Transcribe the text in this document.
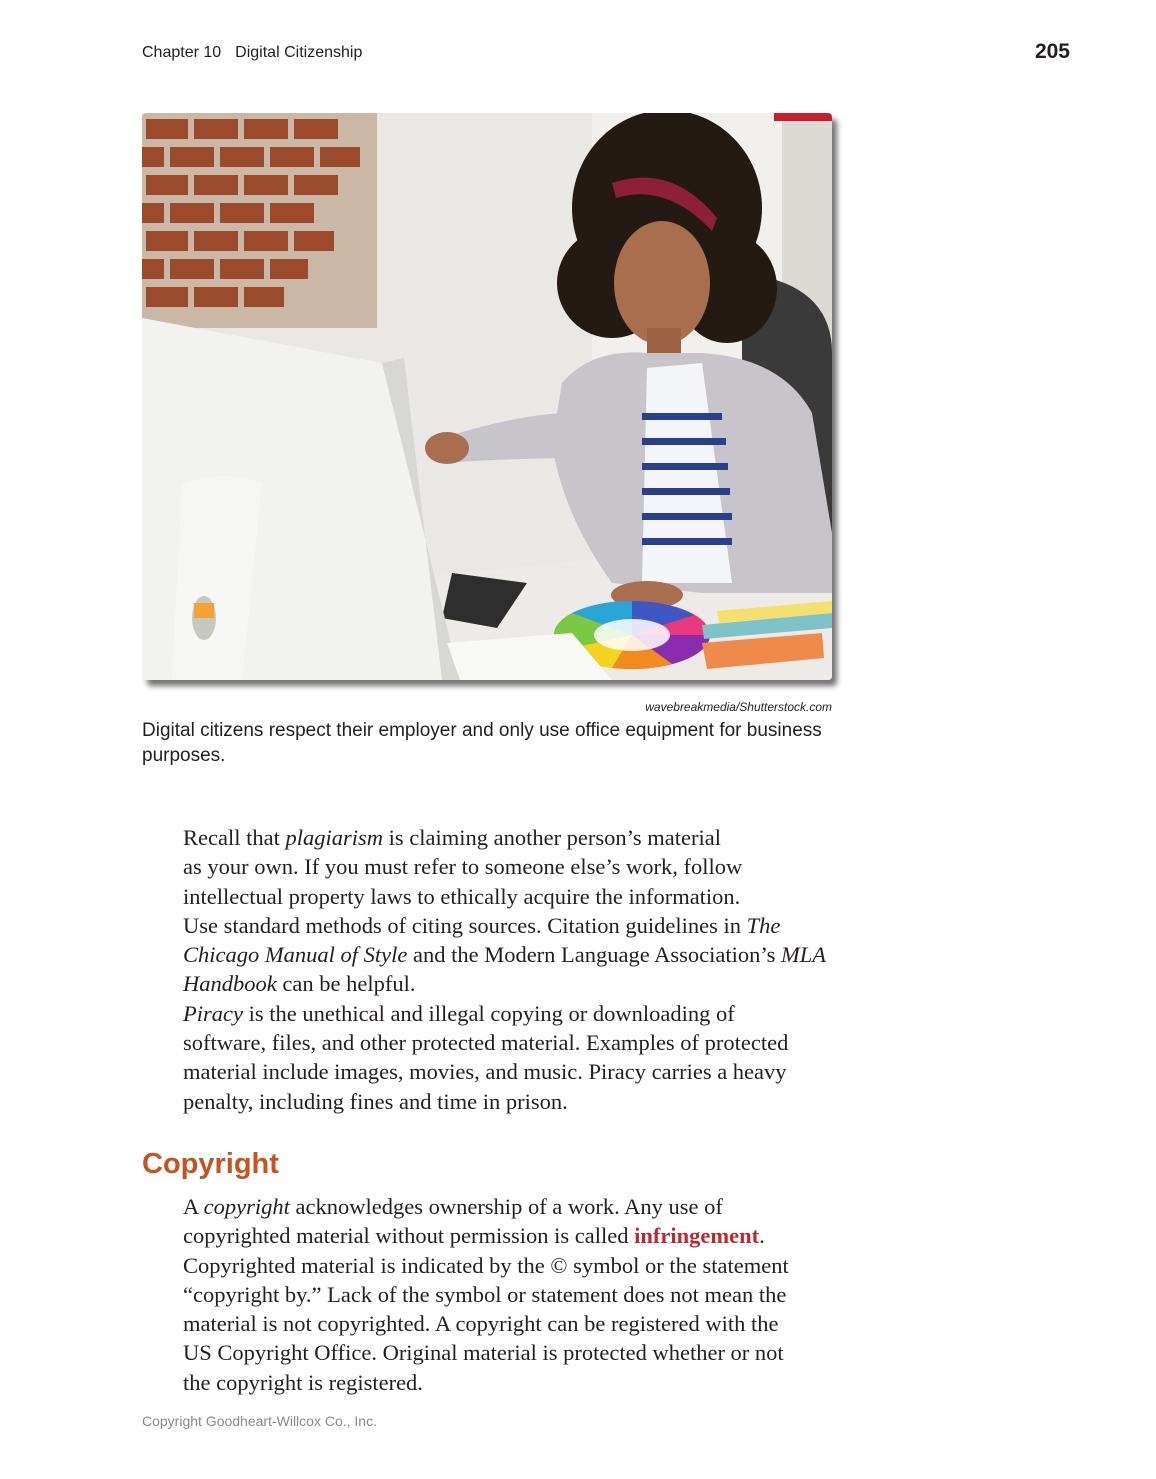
Chapter 10 Digital Citizenship	205
wavebreakmedia/Shutterstock.com
Digital citizens respect their employer and only use office equipment for business purposes.

Recall that plagiarism is claiming another person’s material
as your own. If you must refer to someone else’s work, follow
intellectual property laws to ethically acquire the information.
Use standard methods of citing sources. Citation guidelines in The
Chicago Manual of Style and the Modern Language Association’s MLA
Handbook can be helpful.

Piracy is the unethical and illegal copying or downloading of
software, files, and other protected material. Examples of protected
material include images, movies, and music. Piracy carries a heavy
penalty, including fines and time in prison.

Copyright

A copyright acknowledges ownership of a work. Any use of
copyrighted material without permission is called infringement.
Copyrighted material is indicated by the © symbol or the statement
“copyright by.” Lack of the symbol or statement does not mean the
material is not copyrighted. A copyright can be registered with the
US Copyright Office. Original material is protected whether or not
the copyright is registered.

Copyright Goodheart-Willcox Co., Inc.
